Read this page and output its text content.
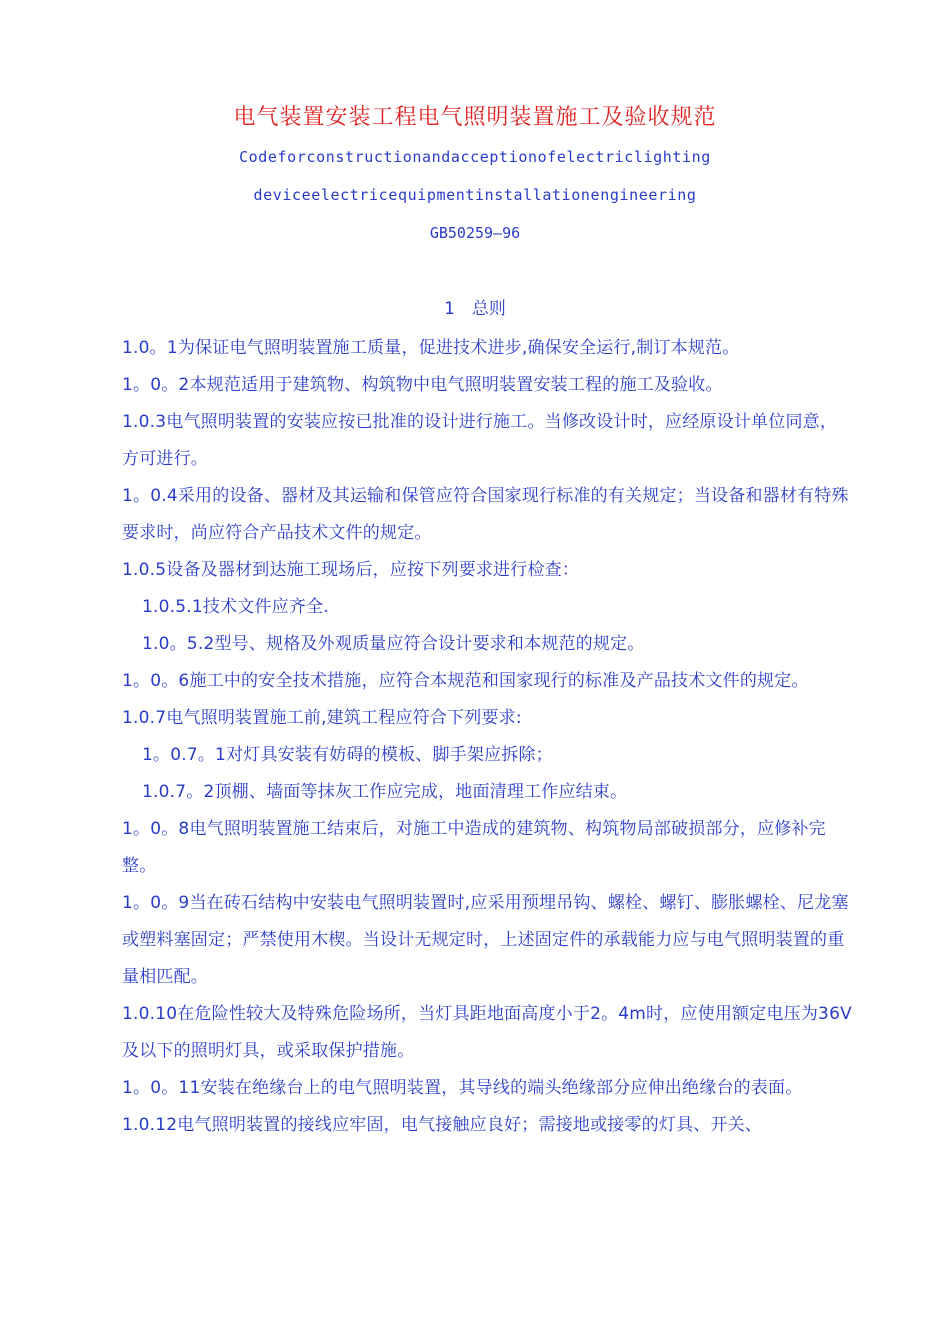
电气装置安装工程电气照明装置施工及验收规范
Codeforconstructionandacceptionofelectriclighting
deviceelectricequipmentinstallationengineering
GB50259—96
1　总则

1.0。1为保证电气照明装置施工质量，促进技术进步,确保安全运行,制订本规范。

1。0。2本规范适用于建筑物、构筑物中电气照明装置安装工程的施工及验收。

1.0.3电气照明装置的安装应按已批准的设计进行施工。当修改设计时，应经原设计单位同意，方可进行。

1。0.4采用的设备、器材及其运输和保管应符合国家现行标准的有关规定；当设备和器材有特殊要求时，尚应符合产品技术文件的规定。

1.0.5设备及器材到达施工现场后，应按下列要求进行检查：

1.0.5.1技术文件应齐全.

1.0。5.2型号、规格及外观质量应符合设计要求和本规范的规定。

1。0。6施工中的安全技术措施，应符合本规范和国家现行的标准及产品技术文件的规定。

1.0.7电气照明装置施工前,建筑工程应符合下列要求:

1。0.7。1对灯具安装有妨碍的模板、脚手架应拆除；

1.0.7。2顶棚、墙面等抹灰工作应完成，地面清理工作应结束。

1。0。8电气照明装置施工结束后，对施工中造成的建筑物、构筑物局部破损部分，应修补完整。

1。0。9当在砖石结构中安装电气照明装置时,应采用预埋吊钩、螺栓、螺钉、膨胀螺栓、尼龙塞或塑料塞固定；严禁使用木楔。当设计无规定时，上述固定件的承载能力应与电气照明装置的重量相匹配。

1.0.10在危险性较大及特殊危险场所，当灯具距地面高度小于2。4m时，应使用额定电压为36V及以下的照明灯具，或采取保护措施。

1。0。11安装在绝缘台上的电气照明装置，其导线的端头绝缘部分应伸出绝缘台的表面。

1.0.12电气照明装置的接线应牢固，电气接触应良好；需接地或接零的灯具、开关、
